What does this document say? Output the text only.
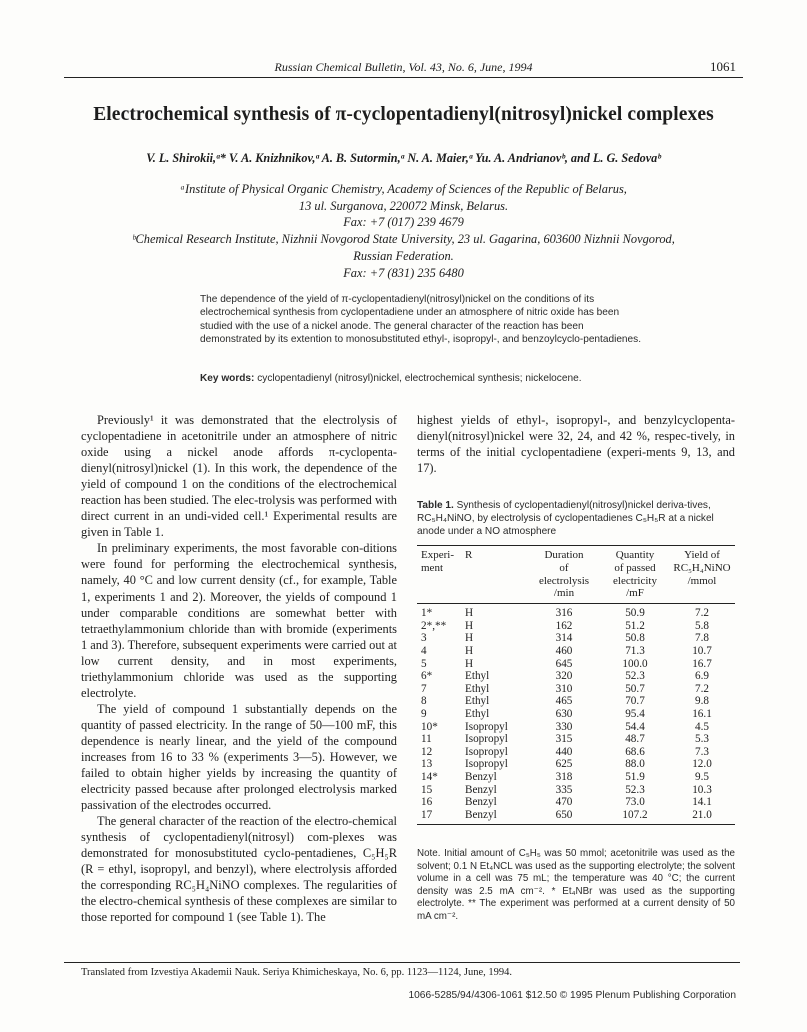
Russian Chemical Bulletin, Vol. 43, No. 6, June, 1994	1061
Electrochemical synthesis of π-cyclopentadienyl(nitrosyl)nickel complexes
V. L. Shirokii,ᵃ* V. A. Knizhnikov,ᵃ A. B. Sutormin,ᵃ N. A. Maier,ᵃ Yu. A. Andrianovᵇ, and L. G. Sedovaᵇ
ᵃInstitute of Physical Organic Chemistry, Academy of Sciences of the Republic of Belarus,
13 ul. Surganova, 220072 Minsk, Belarus.
Fax: +7 (017) 239 4679
ᵇChemical Research Institute, Nizhnii Novgorod State University, 23 ul. Gagarina, 603600 Nizhnii Novgorod,
Russian Federation.
Fax: +7 (831) 235 6480
The dependence of the yield of π-cyclopentadienyl(nitrosyl)nickel on the conditions of its electrochemical synthesis from cyclopentadiene under an atmosphere of nitric oxide has been studied with the use of a nickel anode. The general character of the reaction has been demonstrated by its extention to monosubstituted ethyl-, isopropyl-, and benzoylcyclo-pentadienes.
Key words: cyclopentadienyl (nitrosyl)nickel, electrochemical synthesis; nickelocene.

Previously¹ it was demonstrated that the electrolysis of cyclopentadiene in acetonitrile under an atmosphere of nitric oxide using a nickel anode affords π-cyclopenta-dienyl(nitrosyl)nickel (1). In this work, the dependence of the yield of compound 1 on the conditions of the electrochemical reaction has been studied. The elec-trolysis was performed with direct current in an undi-vided cell.¹ Experimental results are given in Table 1.

In preliminary experiments, the most favorable con-ditions were found for performing the electrochemical synthesis, namely, 40 °C and low current density (cf., for example, Table 1, experiments 1 and 2). Moreover, the yields of compound 1 under comparable conditions are somewhat better with tetraethylammonium chloride than with bromide (experiments 1 and 3). Therefore, subsequent experiments were carried out at low current density, and in most experiments, triethylammonium chloride was used as the supporting electrolyte.

The yield of compound 1 substantially depends on the quantity of passed electricity. In the range of 50—100 mF, this dependence is nearly linear, and the yield of the compound increases from 16 to 33 % (experiments 3—5). However, we failed to obtain higher yields by increasing the quantity of electricity passed because after prolonged electrolysis marked passivation of the electrodes occurred.

The general character of the reaction of the electro-chemical synthesis of cyclopentadienyl(nitrosyl) com-plexes was demonstrated for monosubstituted cyclo-pentadienes, C₅H₅R (R = ethyl, isopropyl, and benzyl), where electrolysis afforded the corresponding RC₅H₄NiNO complexes. The regularities of the electro-chemical synthesis of these complexes are similar to those reported for compound 1 (see Table 1). The

highest yields of ethyl-, isopropyl-, and benzylcyclopenta-dienyl(nitrosyl)nickel were 32, 24, and 42 %, respec-tively, in terms of the initial cyclopentadiene (experi-ments 9, 13, and 17).

Table 1. Synthesis of cyclopentadienyl(nitrosyl)nickel deriva-tives, RC₅H₄NiNO, by electrolysis of cyclopentadienes C₅H₅R at a nickel anode under a NO atmosphere
Experi-
ment	R	Duration
of
electrolysis
/min	Quantity
of passed
electricity
/mF	Yield of
RC₅H₄NiNO
/mmol
1*	H	316	50.9	7.2
2*,**	H	162	51.2	5.8
3	H	314	50.8	7.8
4	H	460	71.3	10.7
5	H	645	100.0	16.7
6*	Ethyl	320	52.3	6.9
7	Ethyl	310	50.7	7.2
8	Ethyl	465	70.7	9.8
9	Ethyl	630	95.4	16.1
10*	Isopropyl	330	54.4	4.5
11	Isopropyl	315	48.7	5.3
12	Isopropyl	440	68.6	7.3
13	Isopropyl	625	88.0	12.0
14*	Benzyl	318	51.9	9.5
15	Benzyl	335	52.3	10.3
16	Benzyl	470	73.0	14.1
17	Benzyl	650	107.2	21.0
Note. Initial amount of C₅H₅ was 50 mmol; acetonitrile was used as the solvent; 0.1 N Et₄NCL was used as the supporting electrolyte; the solvent volume in a cell was 75 mL; the temperature was 40 °C; the current density was 2.5 mA cm⁻². * Et₄NBr was used as the supporting electrolyte. ** The experiment was performed at a current density of 50 mA cm⁻².
Translated from Izvestiya Akademii Nauk. Seriya Khimicheskaya, No. 6, pp. 1123—1124, June, 1994.
1066-5285/94/4306-1061 $12.50 © 1995 Plenum Publishing Corporation
